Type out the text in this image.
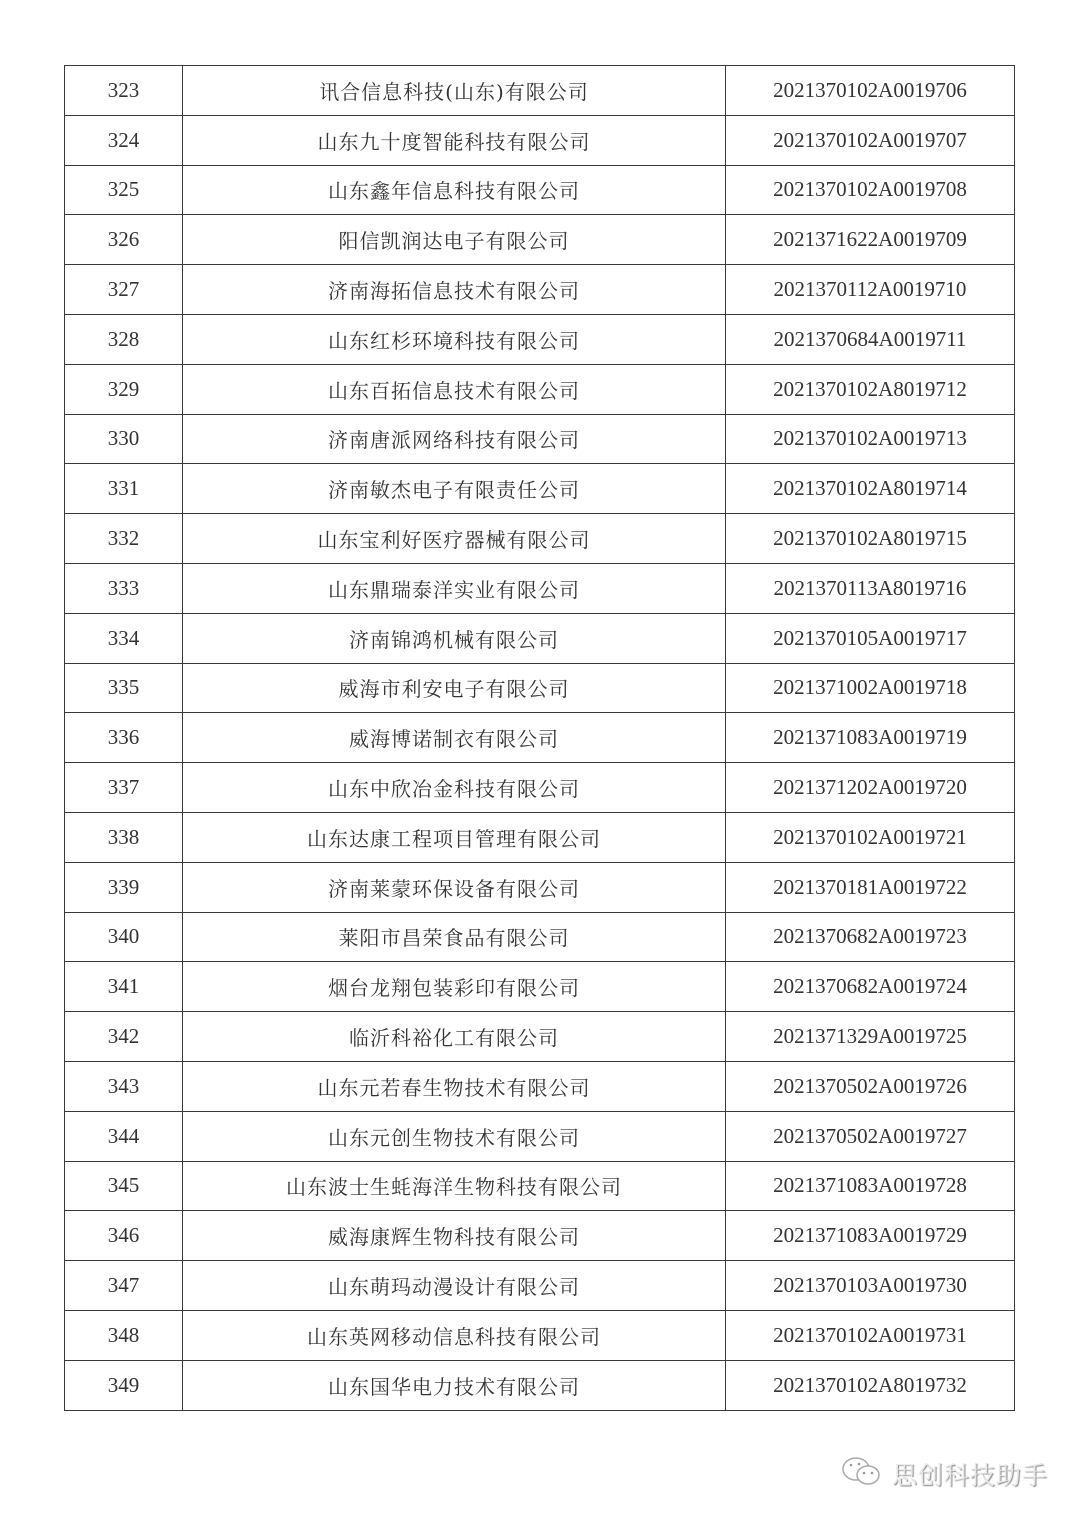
323	讯合信息科技(山东)有限公司	2021370102A0019706
324	山东九十度智能科技有限公司	2021370102A0019707
325	山东鑫年信息科技有限公司	2021370102A0019708
326	阳信凯润达电子有限公司	2021371622A0019709
327	济南海拓信息技术有限公司	2021370112A0019710
328	山东红杉环境科技有限公司	2021370684A0019711
329	山东百拓信息技术有限公司	2021370102A8019712
330	济南唐派网络科技有限公司	2021370102A0019713
331	济南敏杰电子有限责任公司	2021370102A8019714
332	山东宝利好医疗器械有限公司	2021370102A8019715
333	山东鼎瑞泰洋实业有限公司	2021370113A8019716
334	济南锦鸿机械有限公司	2021370105A0019717
335	威海市利安电子有限公司	2021371002A0019718
336	威海博诺制衣有限公司	2021371083A0019719
337	山东中欣冶金科技有限公司	2021371202A0019720
338	山东达康工程项目管理有限公司	2021370102A0019721
339	济南莱蒙环保设备有限公司	2021370181A0019722
340	莱阳市昌荣食品有限公司	2021370682A0019723
341	烟台龙翔包装彩印有限公司	2021370682A0019724
342	临沂科裕化工有限公司	2021371329A0019725
343	山东元若春生物技术有限公司	2021370502A0019726
344	山东元创生物技术有限公司	2021370502A0019727
345	山东波士生蚝海洋生物科技有限公司	2021371083A0019728
346	威海康辉生物科技有限公司	2021371083A0019729
347	山东萌玛动漫设计有限公司	2021370103A0019730
348	山东英网移动信息科技有限公司	2021370102A0019731
349	山东国华电力技术有限公司	2021370102A8019732
思创科技助手
